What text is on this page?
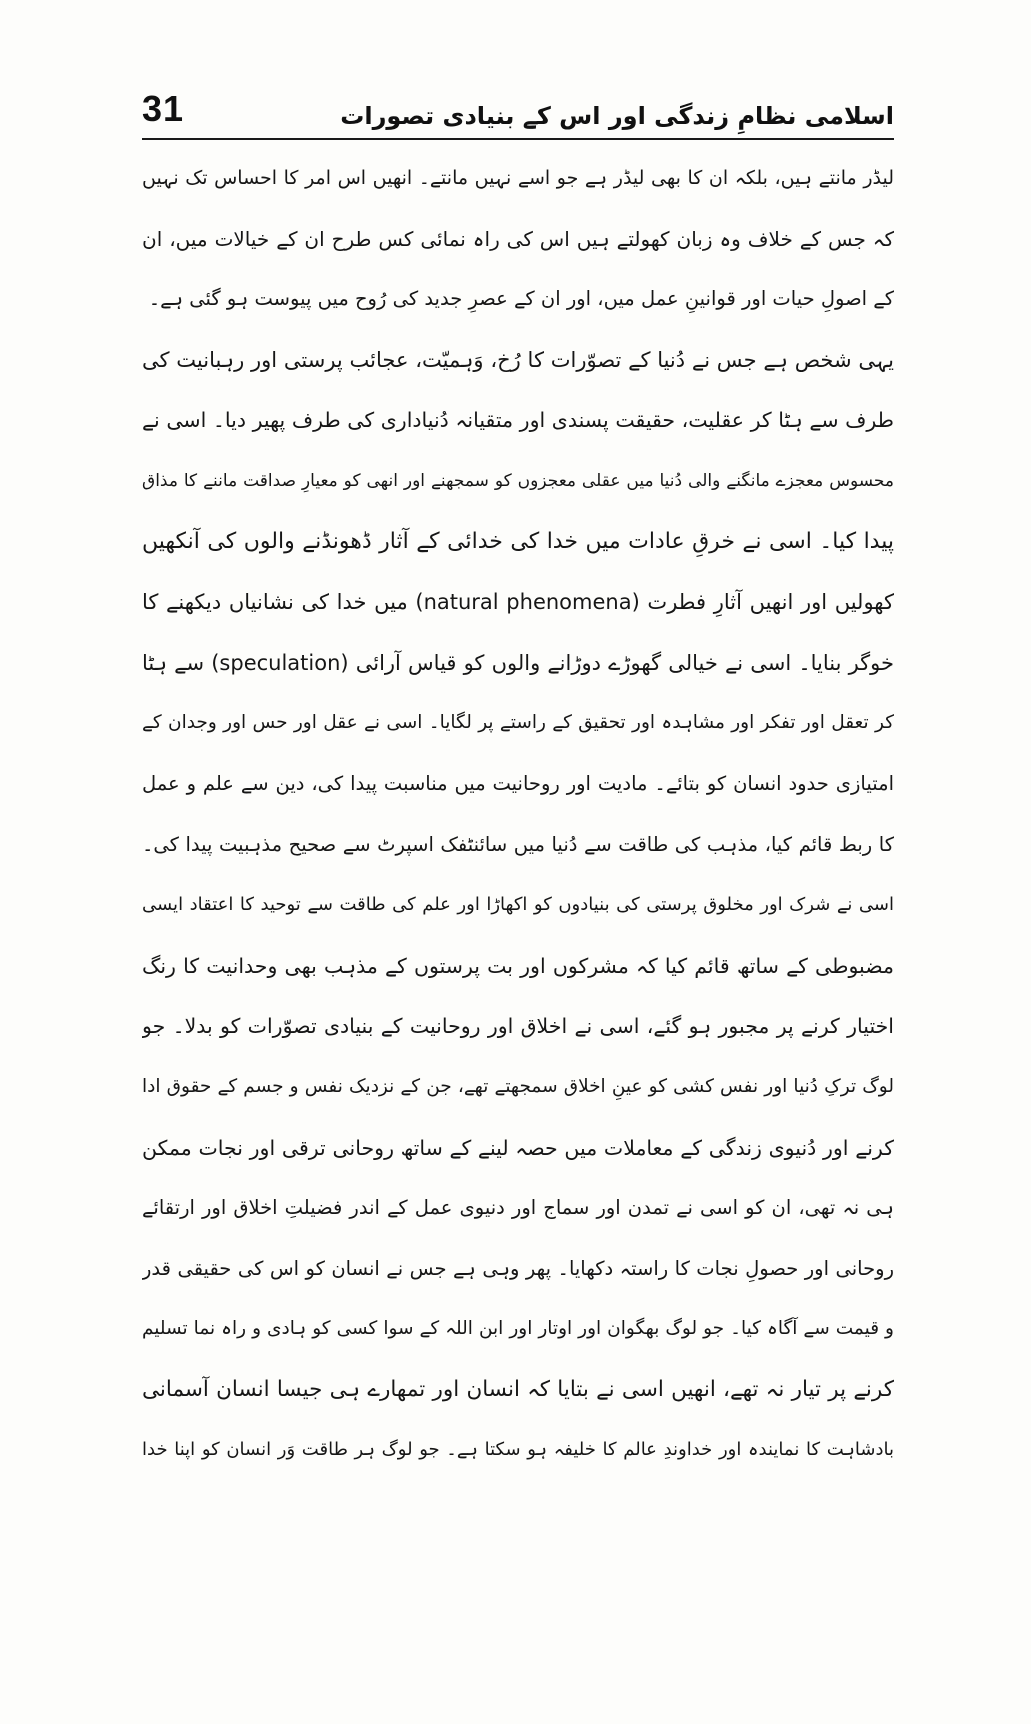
31	اسلامی نظامِ زندگی اور اس کے بنیادی تصورات
لیڈر مانتے ہیں، بلکہ ان کا بھی لیڈر ہے جو اسے نہیں مانتے۔ انھیں اس امر کا احساس تک نہیں
کہ جس کے خلاف وہ زبان کھولتے ہیں اس کی راہ نمائی کس طرح ان کے خیالات میں، ان
کے اصولِ حیات اور قوانینِ عمل میں، اور ان کے عصرِ جدید کی رُوح میں پیوست ہو گئی ہے۔
یہی شخص ہے جس نے دُنیا کے تصوّرات کا رُخ، وَہمیّت، عجائب پرستی اور رہبانیت کی
طرف سے ہٹا کر عقلیت، حقیقت پسندی اور متقیانہ دُنیاداری کی طرف پھیر دیا۔ اسی نے
محسوس معجزے مانگنے والی دُنیا میں عقلی معجزوں کو سمجھنے اور انھی کو معیارِ صداقت ماننے کا مذاق
پیدا کیا۔ اسی نے خرقِ عادات میں خدا کی خدائی کے آثار ڈھونڈنے والوں کی آنکھیں
کھولیں اور انھیں آثارِ فطرت (natural phenomena) میں خدا کی نشانیاں دیکھنے کا
خوگر بنایا۔ اسی نے خیالی گھوڑے دوڑانے والوں کو قیاس آرائی (speculation) سے ہٹا
کر تعقل اور تفکر اور مشاہدہ اور تحقیق کے راستے پر لگایا۔ اسی نے عقل اور حس اور وجدان کے
امتیازی حدود انسان کو بتائے۔ مادیت اور روحانیت میں مناسبت پیدا کی، دین سے علم و عمل
کا ربط قائم کیا، مذہب کی طاقت سے دُنیا میں سائنٹفک اسپرٹ سے صحیح مذہبیت پیدا کی۔
اسی نے شرک اور مخلوق پرستی کی بنیادوں کو اکھاڑا اور علم کی طاقت سے توحید کا اعتقاد ایسی
مضبوطی کے ساتھ قائم کیا کہ مشرکوں اور بت پرستوں کے مذہب بھی وحدانیت کا رنگ
اختیار کرنے پر مجبور ہو گئے، اسی نے اخلاق اور روحانیت کے بنیادی تصوّرات کو بدلا۔ جو
لوگ ترکِ دُنیا اور نفس کشی کو عینِ اخلاق سمجھتے تھے، جن کے نزدیک نفس و جسم کے حقوق ادا
کرنے اور دُنیوی زندگی کے معاملات میں حصہ لینے کے ساتھ روحانی ترقی اور نجات ممکن
ہی نہ تھی، ان کو اسی نے تمدن اور سماج اور دنیوی عمل کے اندر فضیلتِ اخلاق اور ارتقائے
روحانی اور حصولِ نجات کا راستہ دکھایا۔ پھر وہی ہے جس نے انسان کو اس کی حقیقی قدر
و قیمت سے آگاہ کیا۔ جو لوگ بھگوان اور اوتار اور ابن اللہ کے سوا کسی کو ہادی و راہ نما تسلیم
کرنے پر تیار نہ تھے، انھیں اسی نے بتایا کہ انسان اور تمھارے ہی جیسا انسان آسمانی
بادشاہت کا نمایندہ اور خداوندِ عالم کا خلیفہ ہو سکتا ہے۔ جو لوگ ہر طاقت وَر انسان کو اپنا خدا
